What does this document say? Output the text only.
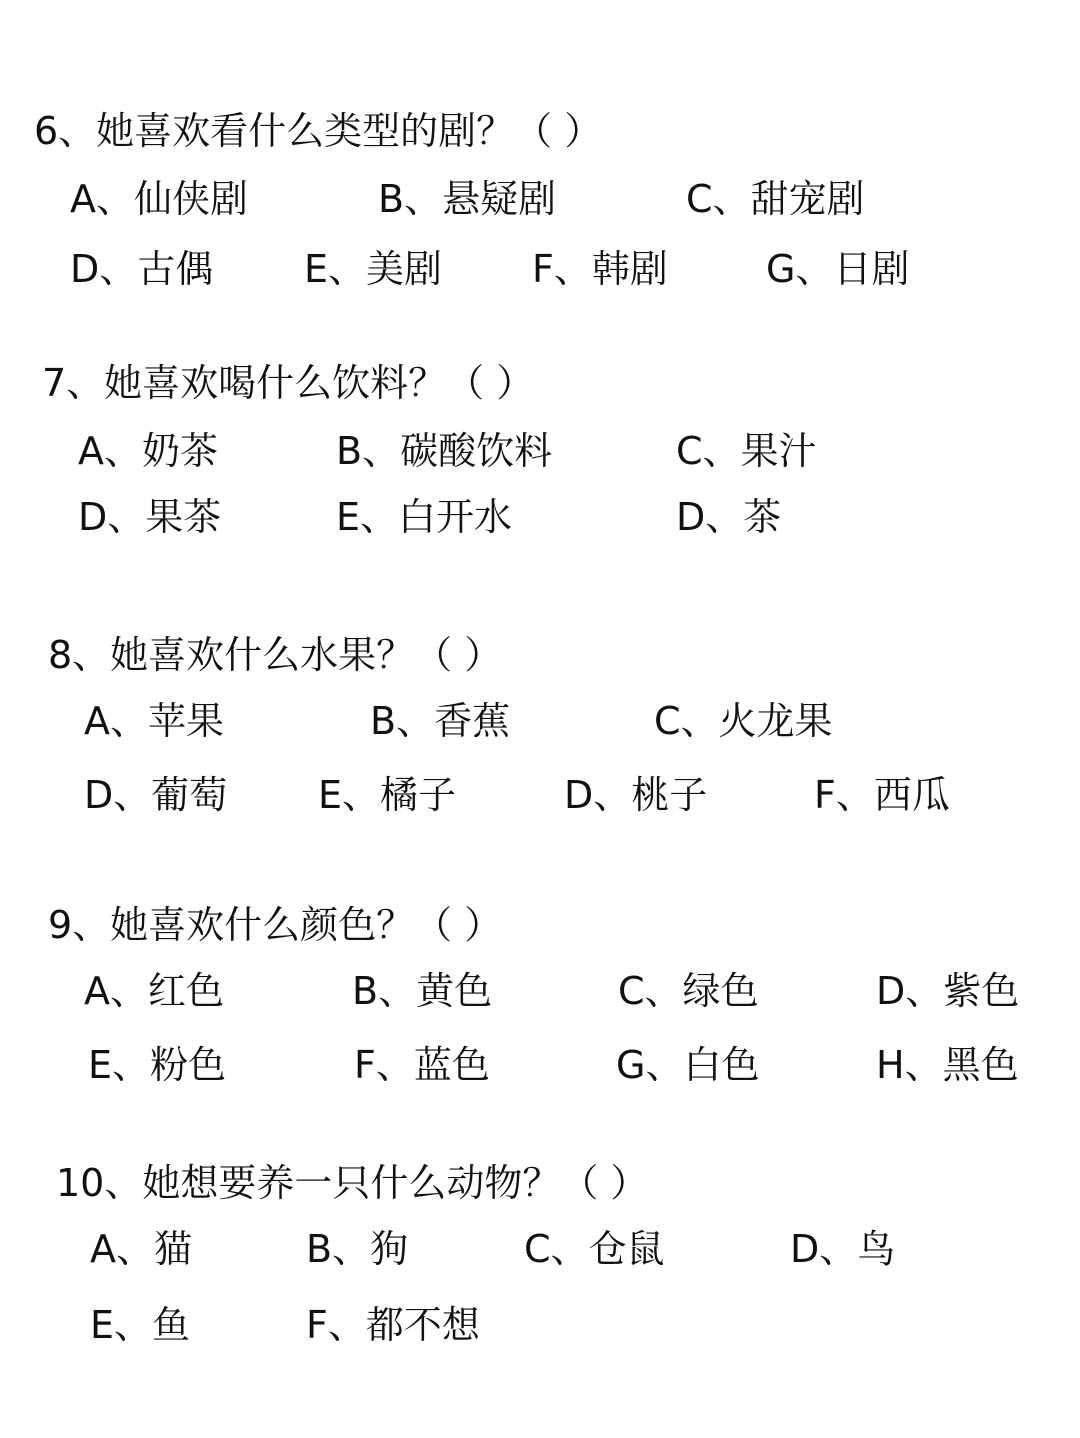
6、她喜欢看什么类型的剧？（ ）
A、仙侠剧	B、悬疑剧	C、甜宠剧
D、古偶 E、美剧 F、韩剧	G、日剧
7、她喜欢喝什么饮料？（ ）
A、奶茶	B、碳酸饮料	C、果汁
D、果茶	E、白开水	D、茶
8、她喜欢什么水果？（ ）
A、苹果	B、香蕉	C、火龙果
D、葡萄 E、橘子	D、桃子	F、西瓜
9、她喜欢什么颜色？（ ）
A、红色	B、黄色	C、绿色	D、紫色
E、粉色	F、蓝色	G、白色	H、黑色
10、她想要养一只什么动物？（ ）
A、猫	B、狗	C、仓鼠	D、鸟
E、鱼	F、都不想
